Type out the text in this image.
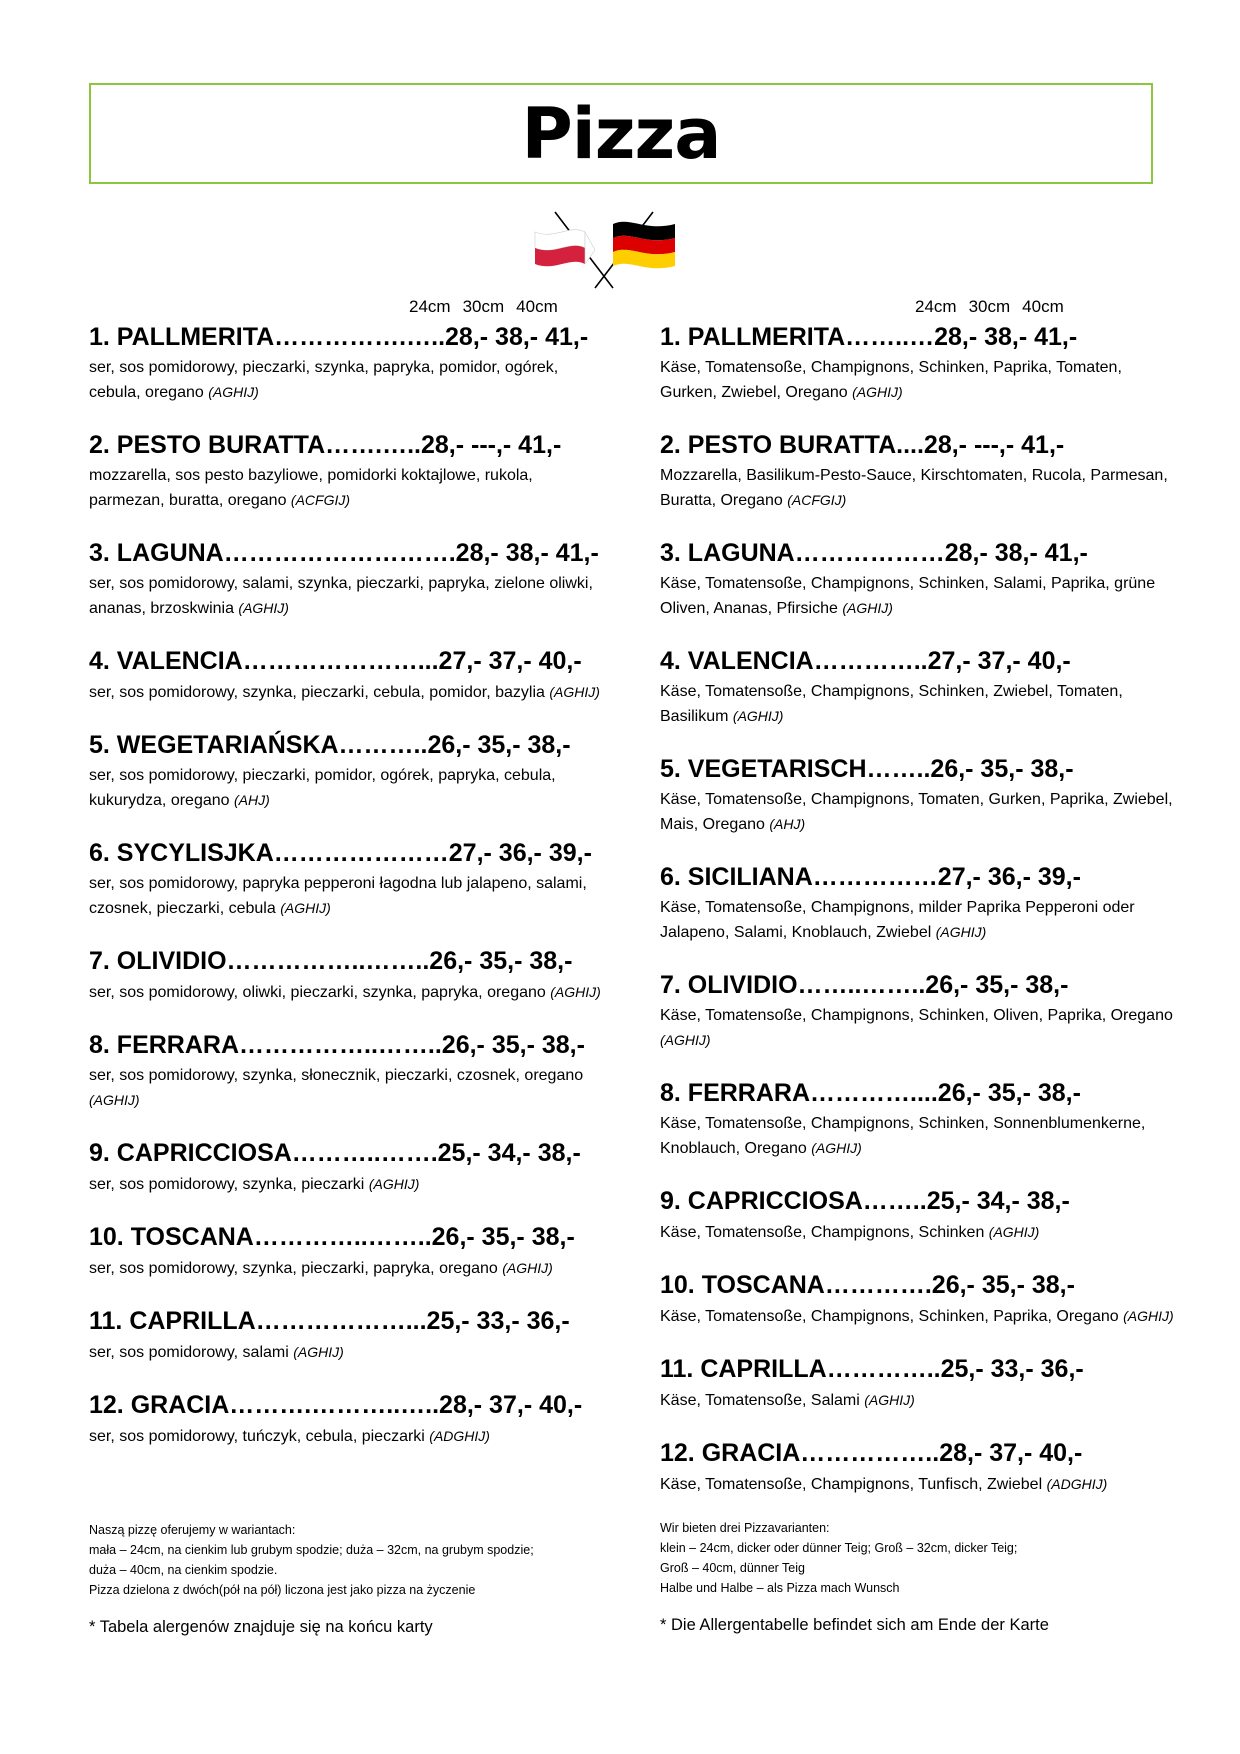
Pizza
24cm 30cm 40cm
1. PALLMERITA…………….…..28,- 38,- 41,-
ser, sos pomidorowy, pieczarki, szynka, papryka, pomidor, ogórek, cebula, oregano (AGHIJ)
2. PESTO BURATTA…….…..28,- ---,- 41,-
mozzarella, sos pesto bazyliowe, pomidorki koktajlowe, rukola, parmezan, buratta, oregano (ACFGIJ)
3. LAGUNA……………………….28,- 38,- 41,-
ser, sos pomidorowy, salami, szynka, pieczarki, papryka, zielone oliwki, ananas, brzoskwinia (AGHIJ)
4. VALENCIA…………………...27,- 37,- 40,-
ser, sos pomidorowy, szynka, pieczarki, cebula, pomidor, bazylia (AGHIJ)
5. WEGETARIAŃSKA………..26,- 35,- 38,-
ser, sos pomidorowy, pieczarki, pomidor, ogórek, papryka, cebula, kukurydza, oregano (AHJ)
6. SYCYLISJKA…………………27,- 36,- 39,-
ser, sos pomidorowy, papryka pepperoni łagodna lub jalapeno, salami, czosnek, pieczarki, cebula (AGHIJ)
7. OLIVIDIO……………..……..26,- 35,- 38,-
ser, sos pomidorowy, oliwki, pieczarki, szynka, papryka, oregano (AGHIJ)
8. FERRARA……………..……..26,- 35,- 38,-
ser, sos pomidorowy, szynka, słonecznik, pieczarki, czosnek, oregano (AGHIJ)
9. CAPRICCIOSA………..…….25,- 34,- 38,-
ser, sos pomidorowy, szynka, pieczarki (AGHIJ)
10. TOSCANA…………..……..26,- 35,- 38,-
ser, sos pomidorowy, szynka, pieczarki, papryka, oregano (AGHIJ)
11. CAPRILLA………………...25,- 33,- 36,-
ser, sos pomidorowy, salami (AGHIJ)
12. GRACIA……….………..…..28,- 37,- 40,-
ser, sos pomidorowy, tuńczyk, cebula, pieczarki (ADGHIJ)
24cm 30cm 40cm
1. PALLMERITA……..…28,- 38,- 41,-
Käse, Tomatensoße, Champignons, Schinken, Paprika, Tomaten, Gurken, Zwiebel, Oregano (AGHIJ)
2. PESTO BURATTA....28,- ---,- 41,-
Mozzarella, Basilikum-Pesto-Sauce, Kirschtomaten, Rucola, Parmesan, Buratta, Oregano (ACFGIJ)
3. LAGUNA………………28,- 38,- 41,-
Käse, Tomatensoße, Champignons, Schinken, Salami, Paprika, grüne Oliven, Ananas, Pfirsiche (AGHIJ)
4. VALENCIA…………..27,- 37,- 40,-
Käse, Tomatensoße, Champignons, Schinken, Zwiebel, Tomaten, Basilikum (AGHIJ)
5. VEGETARISCH……..26,- 35,- 38,-
Käse, Tomatensoße, Champignons, Tomaten, Gurken, Paprika, Zwiebel, Mais, Oregano (AHJ)
6. SICILIANA……………27,- 36,- 39,-
Käse, Tomatensoße, Champignons, milder Paprika Pepperoni oder Jalapeno, Salami, Knoblauch, Zwiebel (AGHIJ)
7. OLIVIDIO……..……..26,- 35,- 38,-
Käse, Tomatensoße, Champignons, Schinken, Oliven, Paprika, Oregano (AGHIJ)
8. FERRARA…………....26,- 35,- 38,-
Käse, Tomatensoße, Champignons, Schinken, Sonnenblumenkerne, Knoblauch, Oregano (AGHIJ)
9. CAPRICCIOSA……..25,- 34,- 38,-
Käse, Tomatensoße, Champignons, Schinken (AGHIJ)
10. TOSCANA………….26,- 35,- 38,-
Käse, Tomatensoße, Champignons, Schinken, Paprika, Oregano (AGHIJ)
11. CAPRILLA…………..25,- 33,- 36,-
Käse, Tomatensoße, Salami (AGHIJ)
12. GRACIA……………..28,- 37,- 40,-
Käse, Tomatensoße, Champignons, Tunfisch, Zwiebel (ADGHIJ)
Naszą pizzę oferujemy w wariantach:
mała – 24cm, na cienkim lub grubym spodzie; duża – 32cm, na grubym spodzie;
duża – 40cm, na cienkim spodzie.
Pizza dzielona z dwóch(pół na pół) liczona jest jako pizza na życzenie
* Tabela alergenów znajduje się na końcu karty
Wir bieten drei Pizzavarianten:
klein – 24cm, dicker oder dünner Teig; Groß – 32cm, dicker Teig;
Groß – 40cm, dünner Teig
Halbe und Halbe – als Pizza mach Wunsch
* Die Allergentabelle befindet sich am Ende der Karte
